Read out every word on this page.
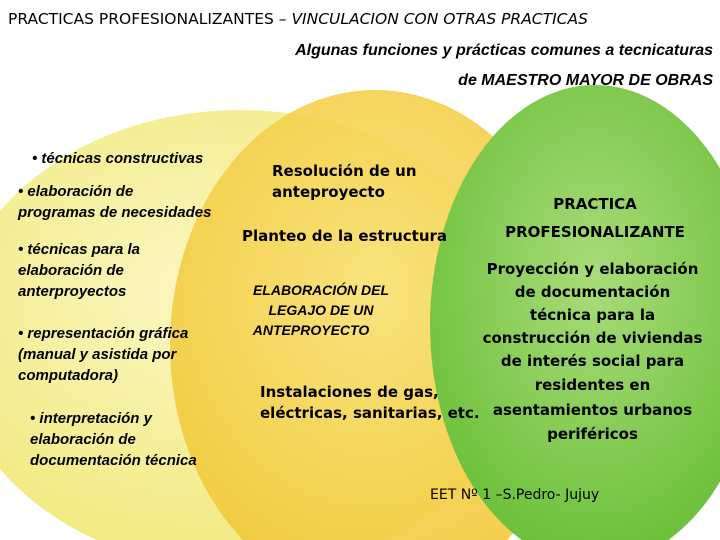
PRACTICAS PROFESIONALIZANTES – VINCULACION CON OTRAS PRACTICAS
Algunas funciones y prácticas comunes a tecnicaturas
de MAESTRO MAYOR DE OBRAS
• técnicas constructivas
• elaboración de
programas de necesidades
• técnicas para la
elaboración de
anterproyectos
• representación gráfica
(manual y asistida por
computadora)
• interpretación y
elaboración de
documentación técnica
Resolución de un
anteproyecto
Planteo de la estructura
ELABORACIÓN DEL
LEGAJO DE UN
ANTEPROYECTO
Instalaciones de gas,
eléctricas, sanitarias, etc.
PRACTICA
PROFESIONALIZANTE
Proyección y elaboración
de documentación
técnica para la
construcción de viviendas
de interés social para
residentes en
asentamientos urbanos
periféricos
EET Nº 1 –S.Pedro- Jujuy
